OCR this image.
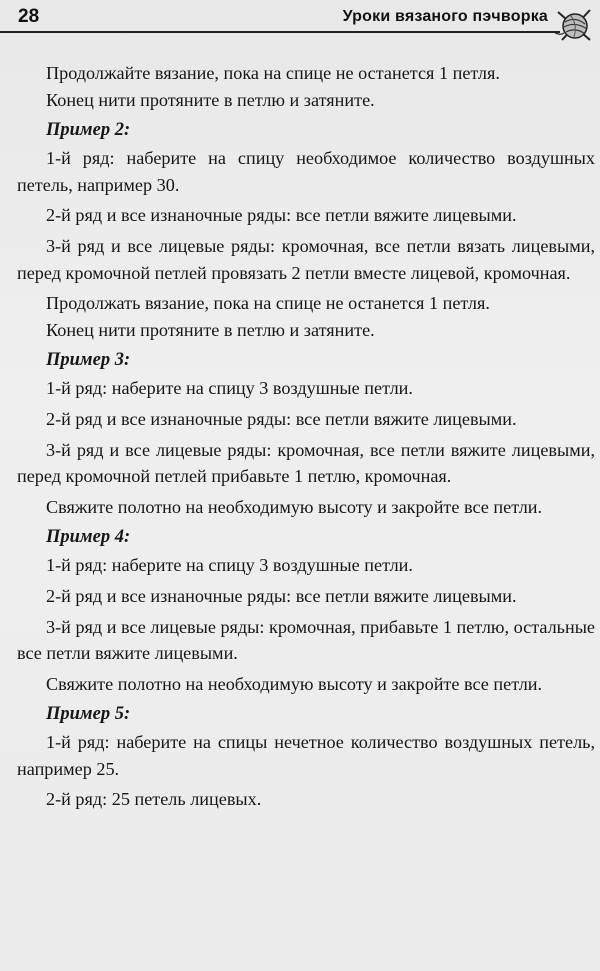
28	Уроки вязаного пэчворка

Продолжайте вязание, пока на спице не останется 1 петля.

Конец нити протяните в петлю и затяните.

Пример 2:

1-й ряд: наберите на спицу необходимое количество воздушных петель, например 30.

2-й ряд и все изнаночные ряды: все петли вяжите лицевыми.

3-й ряд и все лицевые ряды: кромочная, все петли вязать лицевыми, перед кромочной петлей провязать 2 петли вместе лицевой, кромочная.

Продолжать вязание, пока на спице не останется 1 петля.

Конец нити протяните в петлю и затяните.

Пример 3:

1-й ряд: наберите на спицу 3 воздушные петли.

2-й ряд и все изнаночные ряды: все петли вяжите лицевыми.

3-й ряд и все лицевые ряды: кромочная, все петли вяжите лицевыми, перед кромочной петлей прибавьте 1 петлю, кромочная.

Свяжите полотно на необходимую высоту и закройте все петли.

Пример 4:

1-й ряд: наберите на спицу 3 воздушные петли.

2-й ряд и все изнаночные ряды: все петли вяжите лицевыми.

3-й ряд и все лицевые ряды: кромочная, прибавьте 1 петлю, остальные все петли вяжите лицевыми.

Свяжите полотно на необходимую высоту и закройте все петли.

Пример 5:

1-й ряд: наберите на спицы нечетное количество воздушных петель, например 25.

2-й ряд: 25 петель лицевых.
